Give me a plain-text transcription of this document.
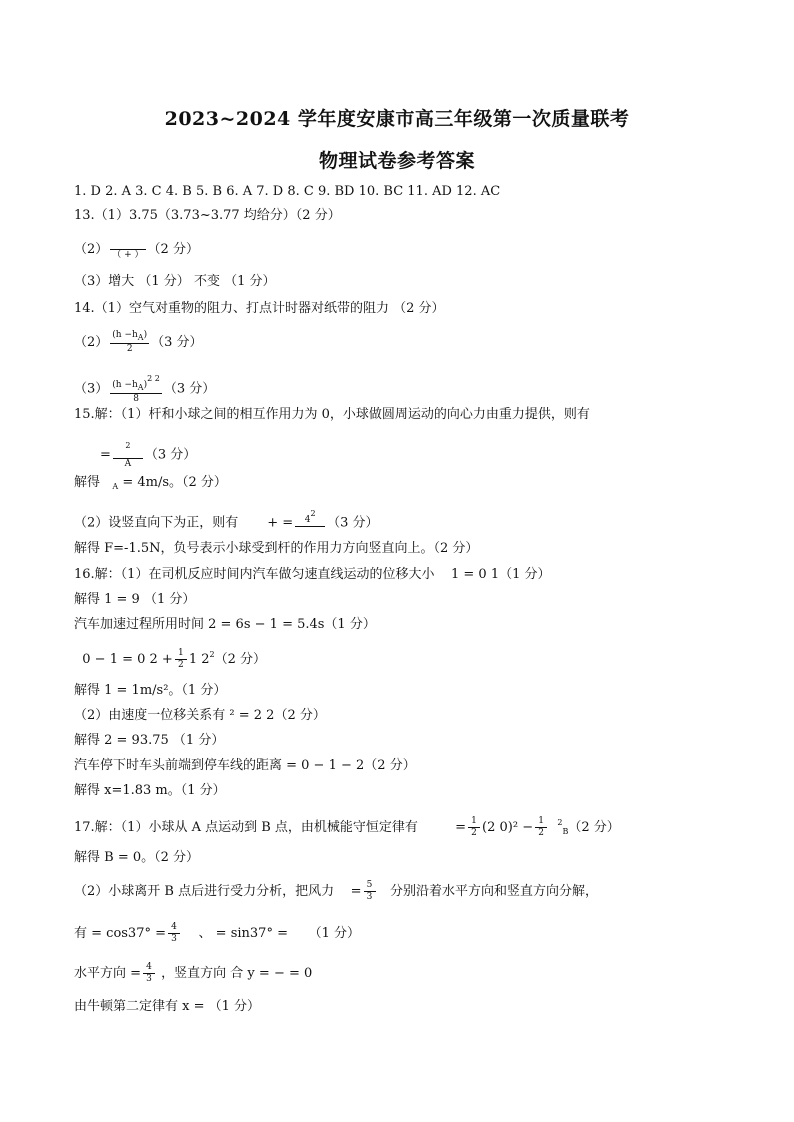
2023~2024 学年度安康市高三年级第一次质量联考
物理试卷参考答案
1. D 2. A 3. C 4. B 5. B 6. A 7. D 8. C 9. BD 10. BC 11. AD 12. AC
13.（1）3.75（3.73~3.77 均给分）（2 分）
（2）
（ + ） （2 分）
（3）增大 （1 分） 不变 （1 分）
14.（1）空气对重物的阻力、打点计时器对纸带的阻力 （2 分）
$(2) \frac{(h -hA)}{2} (3$ 分）
$(3) \frac{(h -hA)2 2}{8} (3$ 分）
15.解：（1）杆和小球之间的相互作用力为 0，小球做圆周运动的向心力由重力提供，则有
= $\frac{2}{A} (3$ 分）
解得 $_A$ = 4m/s。（2 分）
（2）设竖直向下为正，则有 + =	42

（3 分）
解得 F=-1.5N，负号表示小球受到杆的作用力方向竖直向上。（2 分）
16.解：（1）在司机反应时间内汽车做匀速直线运动的位移大小 1 = 0 1（1 分）
解得 1 = 9 （1 分）
汽车加速过程所用时间 2 = 6s − 1 = 5.4s（1 分）
0 − 1 = 0 $2 + \frac{1}{2} 1$ $2^2(2$ 分）
解得 1 = 1m/s²。（1 分）
（2）由速度一位移关系有 ² = 2 2（2 分）
解得 2 = 93.75 （1 分）
汽车停下时车头前端到停车线的距离 = 0 − 1 − 2（2 分）
解得 x=1.83 m。（1 分）
17.解：（1）小球从 A 点运动到 B 点，由机械能守恒定律有	= $\frac{1}{2} (2$ $0)^2 - \frac{1}{2} ^2_B(2$ 分）
解得 B = 0。（2 分）
（2）小球离开 B 点后进行受力分析，把风力 = $\frac{5}{3}$ 分别沿着水平方向和竖直方向分解，
有 = $\cos 37^\circ = \frac{4}{3}$ 、 = sin37° = （1 分）
水平方向 = $\frac{4}{3}$ ，竖直方向 合 y = − = 0
由牛顿第二定律有 x = （1 分）
